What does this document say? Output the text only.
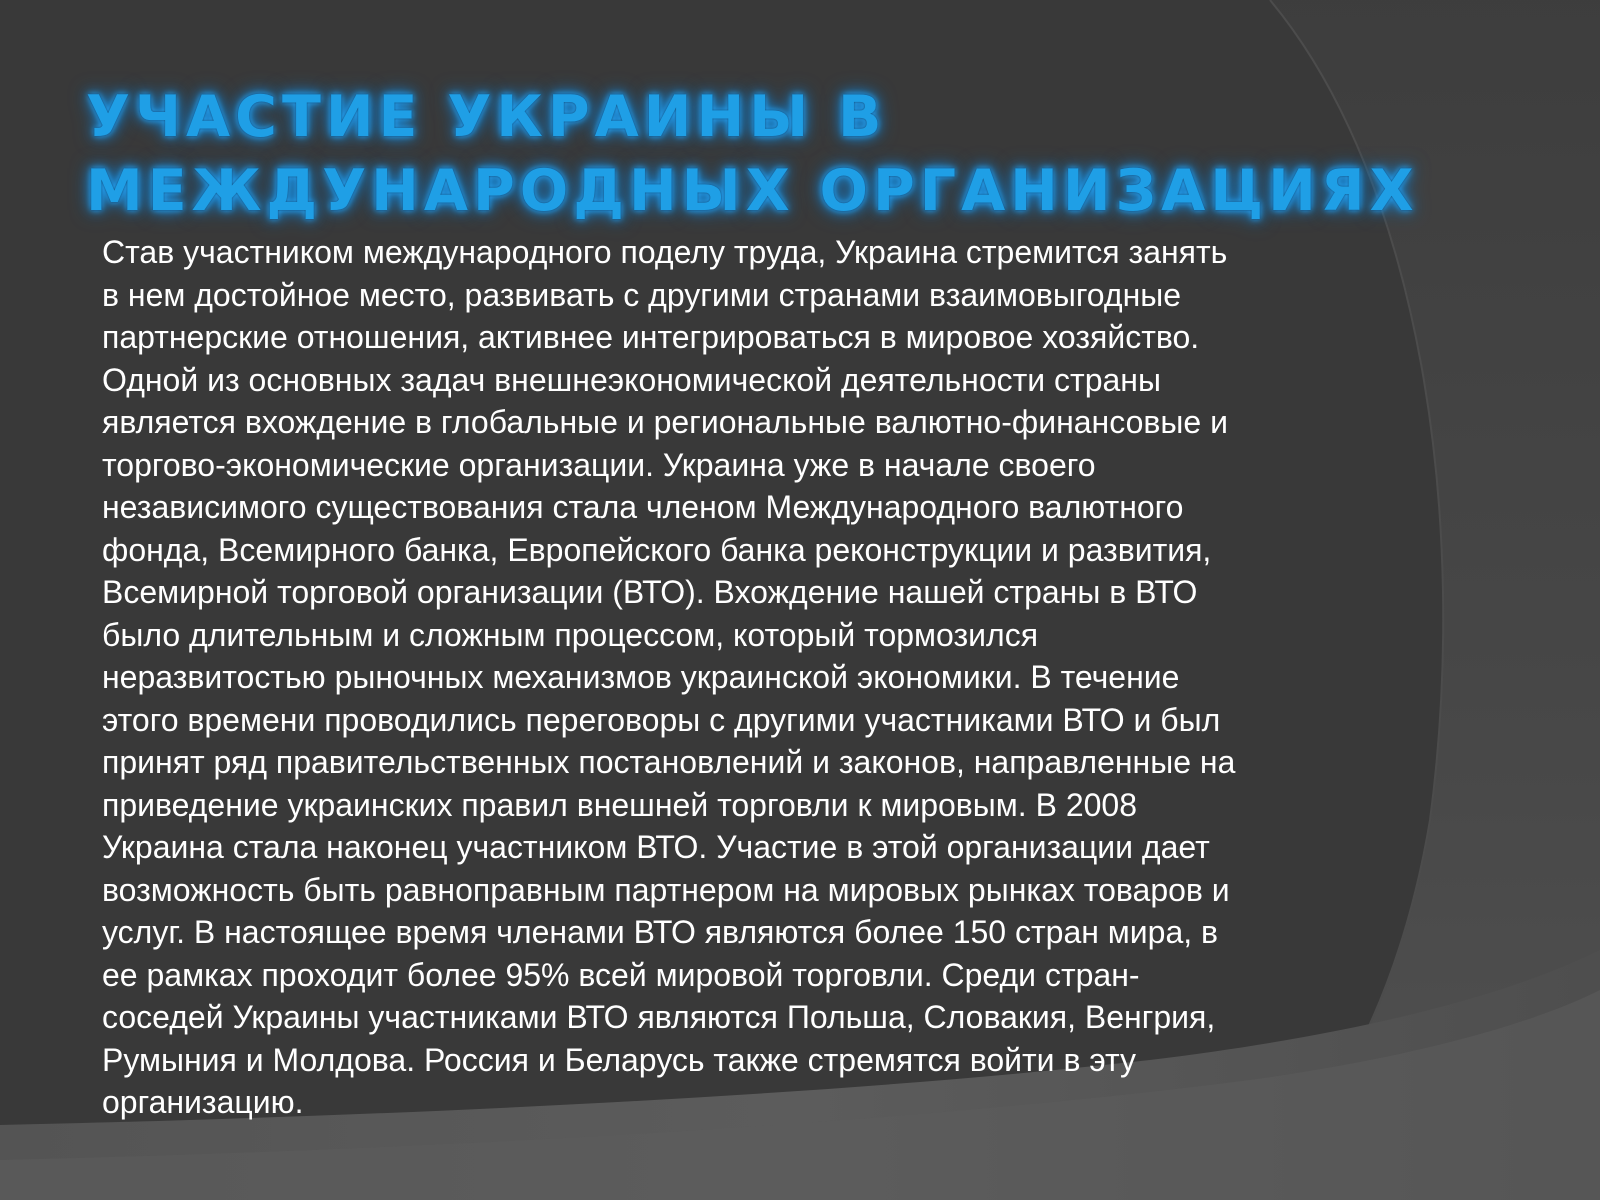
УЧАСТИЕ УКРАИНЫ В
МЕЖДУНАРОДНЫХ ОРГАНИЗАЦИЯХ
Став участником международного поделу труда, Украина стремится занять
в нем достойное место, развивать с другими странами взаимовыгодные
партнерские отношения, активнее интегрироваться в мировое хозяйство.
Одной из основных задач внешнеэкономической деятельности страны
является вхождение в глобальные и региональные валютно-финансовые и
торгово-экономические организации. Украина уже в начале своего
независимого существования стала членом Международного валютного
фонда, Всемирного банка, Европейского банка реконструкции и развития,
Всемирной торговой организации (ВТО). Вхождение нашей страны в ВТО
было длительным и сложным процессом, который тормозился
неразвитостью рыночных механизмов украинской экономики. В течение
этого времени проводились переговоры с другими участниками ВТО и был
принят ряд правительственных постановлений и законов, направленные на
приведение украинских правил внешней торговли к мировым. В 2008
Украина стала наконец участником ВТО. Участие в этой организации дает
возможность быть равноправным партнером на мировых рынках товаров и
услуг. В настоящее время членами ВТО являются более 150 стран мира, в
ее рамках проходит более 95% всей мировой торговли. Среди стран-
соседей Украины участниками ВТО являются Польша, Словакия, Венгрия,
Румыния и Молдова. Россия и Беларусь также стремятся войти в эту
организацию.
